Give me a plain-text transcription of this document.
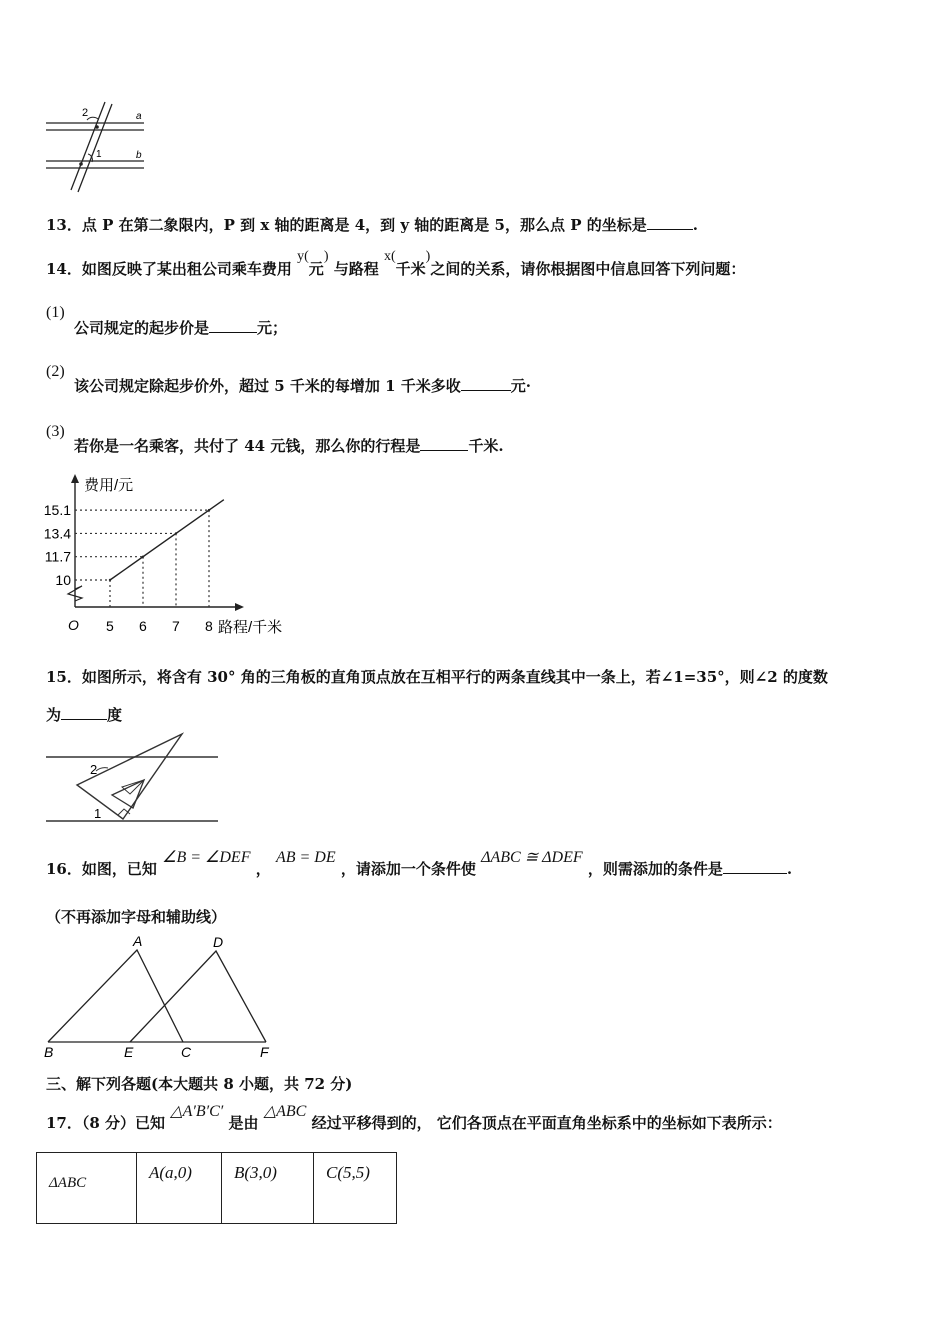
a
b
2
1
13．点 P 在第二象限内，P 到 x 轴的距离是 4，到 y 轴的距离是 5，那么点 P 的坐标是	.
14．如图反映了某出租公司乘车费用 y(元) 与路程 x(千米)之间的关系，请你根据图中信息回答下列问题：
(1)
公司规定的起步价是	元；
(2)
该公司规定除起步价外，超过 5 千米的每增加 1 千米多收	元·
(3)
若你是一名乘客，共付了 44 元钱，那么你的行程是	千米.
费用/元
路程/千米
O 5
10
6
11.7
7
13.4
8
15.1
15．如图所示，将含有 30° 角的三角板的直角顶点放在互相平行的两条直线其中一条上，若∠1=35°，则∠2 的度数
为	度
2
1
16．如图，已知 ∠B = ∠DEF ， AB = DE ，请添加一个条件使 ΔABC ≅ ΔDEF ，则需添加的条件是	.
（不再添加字母和辅助线）
A
B	C
D
E	F
三、解下列各题(本大题共 8 小题，共 72 分)
17．（8 分）已知 △A′B′C′ 是由 △ABC 经过平移得到的， 它们各顶点在平面直角坐标系中的坐标如下表所示：
ΔABC	A(a,0)	B(3,0)	C(5,5)
